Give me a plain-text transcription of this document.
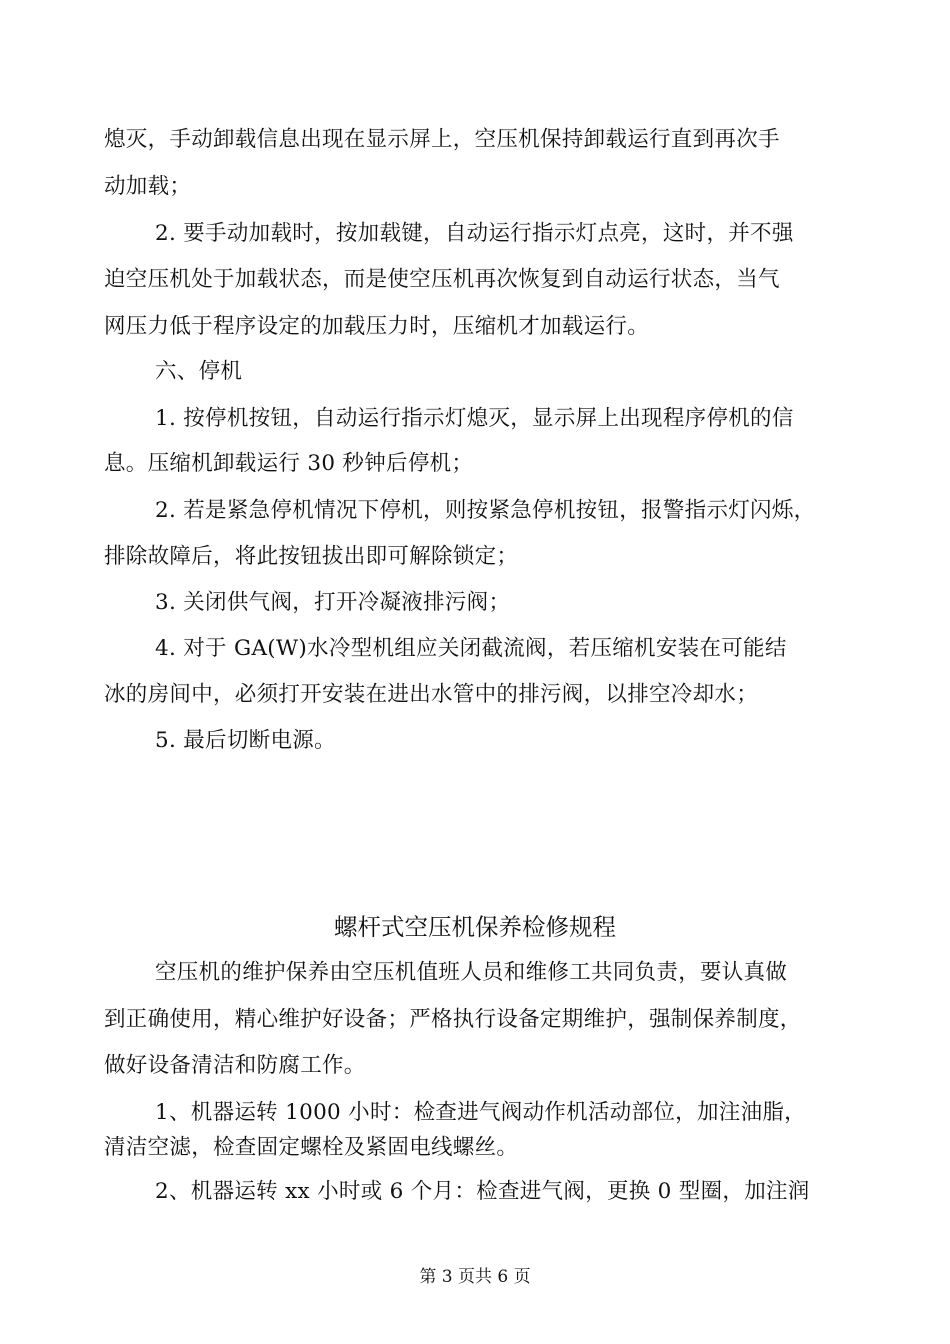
熄灭，手动卸载信息出现在显示屏上，空压机保持卸载运行直到再次手
动加载；
2. 要手动加载时，按加载键，自动运行指示灯点亮，这时，并不强
迫空压机处于加载状态，而是使空压机再次恢复到自动运行状态，当气
网压力低于程序设定的加载压力时，压缩机才加载运行。
六、停机
1. 按停机按钮，自动运行指示灯熄灭，显示屏上出现程序停机的信
息。压缩机卸载运行 30 秒钟后停机；
2. 若是紧急停机情况下停机，则按紧急停机按钮，报警指示灯闪烁，
排除故障后，将此按钮拔出即可解除锁定；
3. 关闭供气阀，打开冷凝液排污阀；
4. 对于 GA(W)水冷型机组应关闭截流阀，若压缩机安装在可能结
冰的房间中，必须打开安装在进出水管中的排污阀，以排空冷却水；
5. 最后切断电源。
螺杆式空压机保养检修规程
空压机的维护保养由空压机值班人员和维修工共同负责，要认真做
到正确使用，精心维护好设备；严格执行设备定期维护，强制保养制度，
做好设备清洁和防腐工作。
1、机器运转 1000 小时：检查进气阀动作机活动部位，加注油脂，
清洁空滤，检查固定螺栓及紧固电线螺丝。
2、机器运转 xx 小时或 6 个月：检查进气阀，更换 0 型圈，加注润
第 3 页共 6 页
